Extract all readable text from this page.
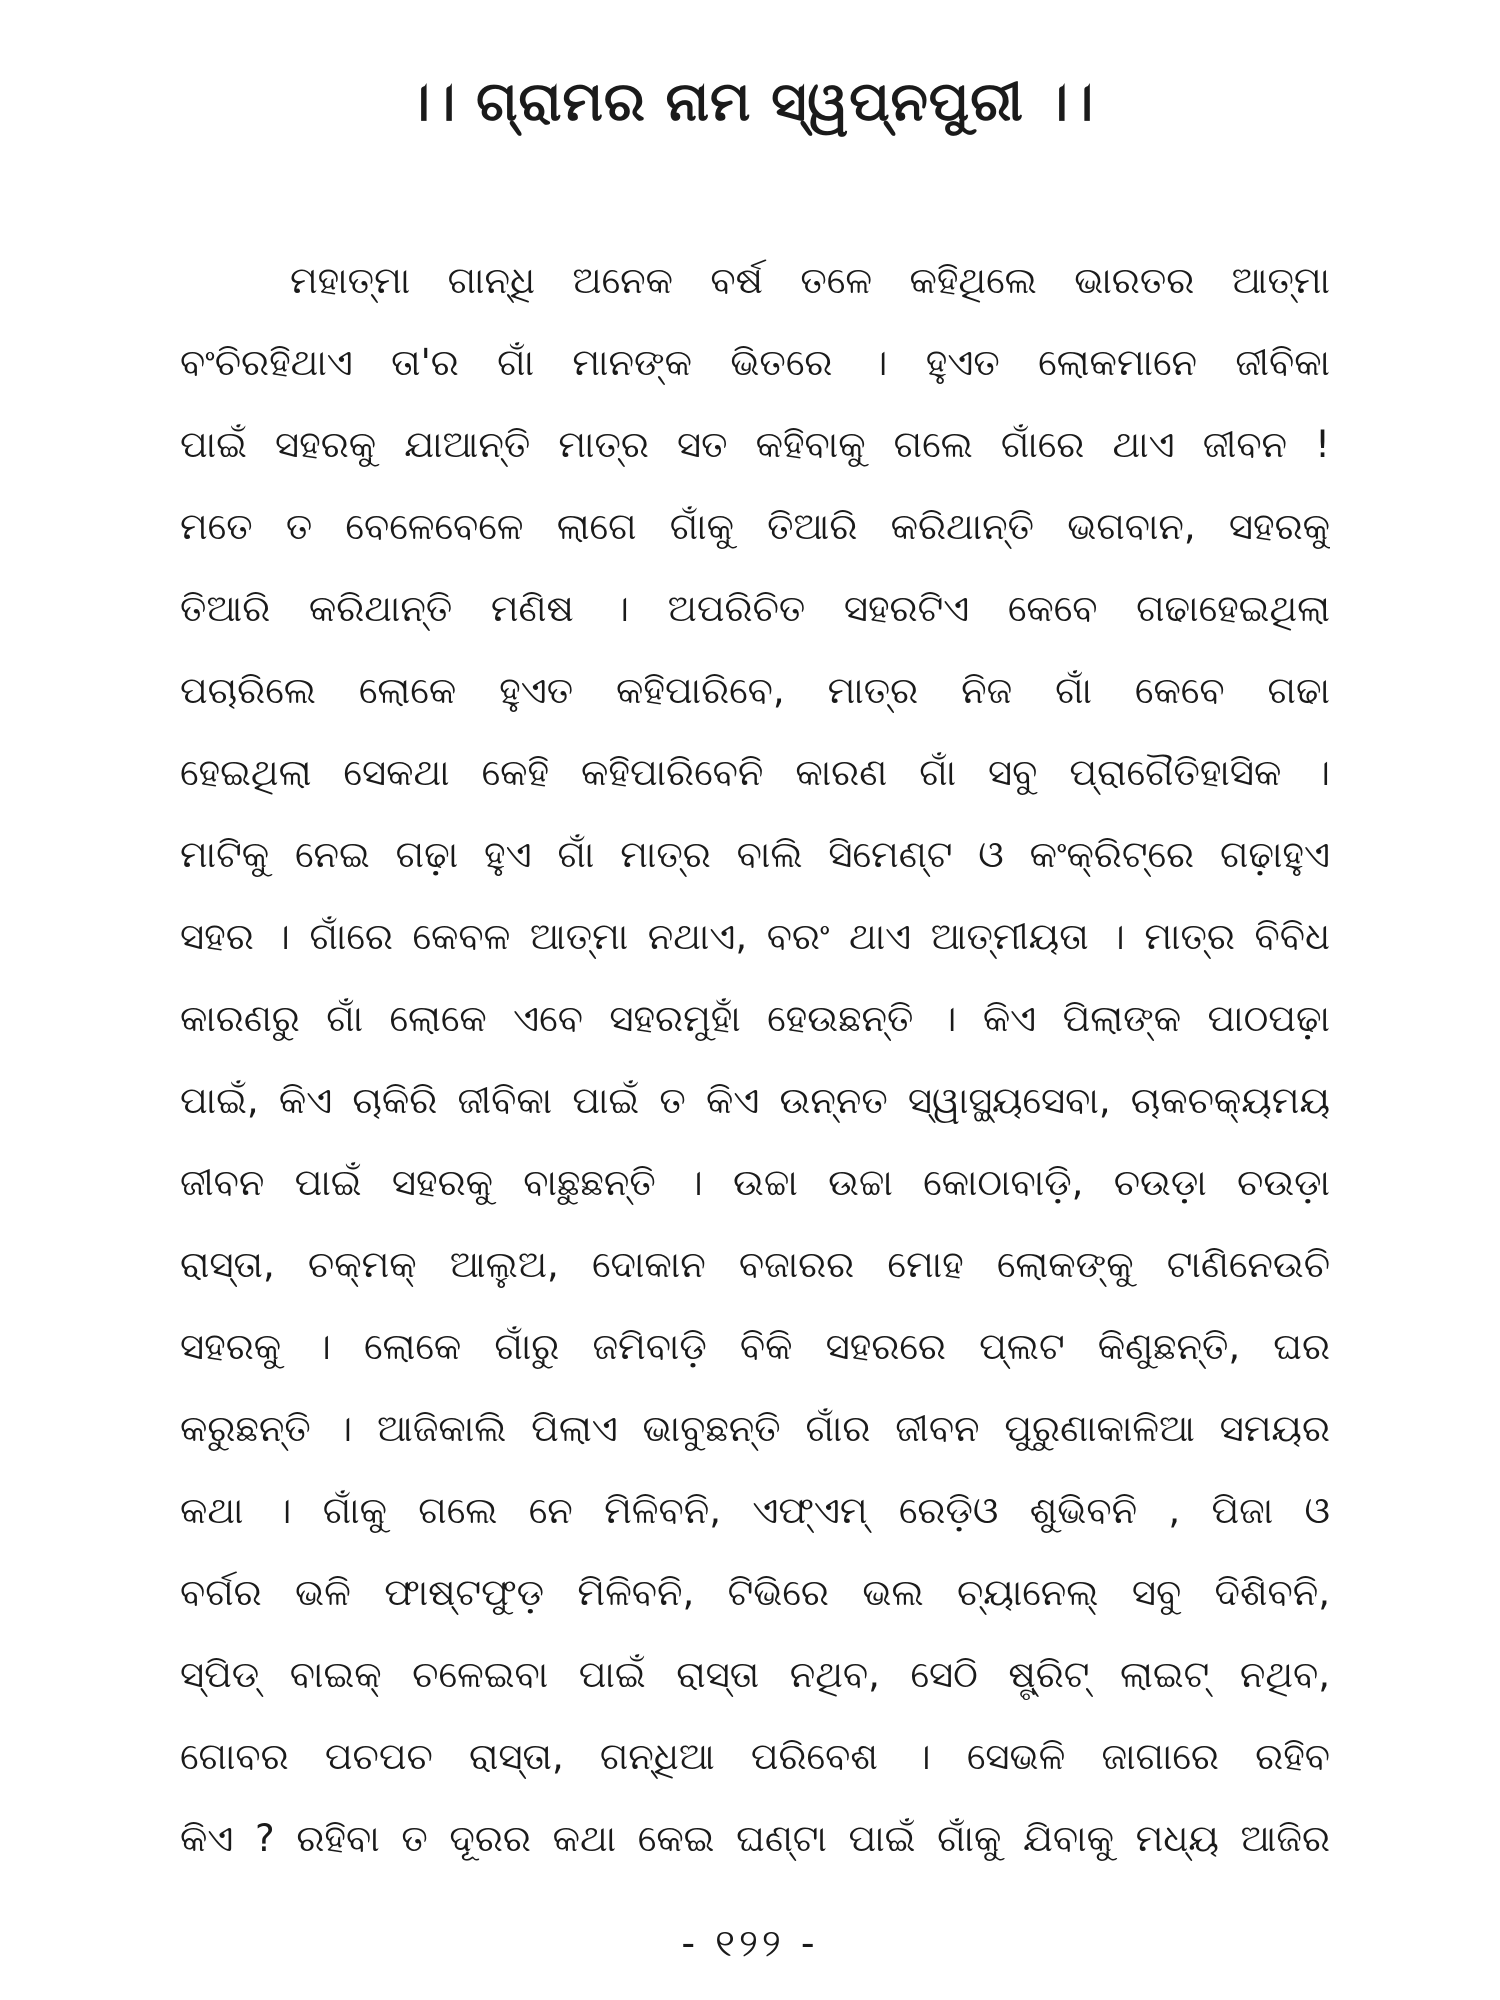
।। ଗ୍ରାମର ନାମ ସ୍ୱପ୍ନପୁରୀ ।।
ମହାତ୍ମା ଗାନ୍ଧି ଅନେକ ବର୍ଷ ତଳେ କହିଥିଲେ ଭାରତର ଆତ୍ମା
ବଂଚିରହିଥାଏ ତା'ର ଗାଁ ମାନଙ୍କ ଭିତରେ । ହୁଏତ ଲୋକମାନେ ଜୀବିକା
ପାଇଁ ସହରକୁ ଯାଆନ୍ତି ମାତ୍ର ସତ କହିବାକୁ ଗଲେ ଗାଁରେ ଥାଏ ଜୀବନ !
ମତେ ତ ବେଳେବେଳେ ଲାଗେ ଗାଁକୁ ତିଆରି କରିଥାନ୍ତି ଭଗବାନ, ସହରକୁ
ତିଆରି କରିଥାନ୍ତି ମଣିଷ । ଅପରିଚିତ ସହରଟିଏ କେବେ ଗଢାହେଇଥିଲା
ପଚାରିଲେ ଲୋକେ ହୁଏତ କହିପାରିବେ, ମାତ୍ର ନିଜ ଗାଁ କେବେ ଗଢା
ହେଇଥିଲା ସେକଥା କେହି କହିପାରିବେନି କାରଣ ଗାଁ ସବୁ ପ୍ରାଗୈତିହାସିକ ।
ମାଟିକୁ ନେଇ ଗଢ଼ା ହୁଏ ଗାଁ ମାତ୍ର ବାଲି ସିମେଣ୍ଟ ଓ କଂକ୍ରିଟ୍‌ରେ ଗଢ଼ାହୁଏ
ସହର । ଗାଁରେ କେବଳ ଆତ୍ମା ନଥାଏ, ବରଂ ଥାଏ ଆତ୍ମୀୟତା । ମାତ୍ର ବିବିଧ
କାରଣରୁ ଗାଁ ଲୋକେ ଏବେ ସହରମୁହାଁ ହେଉଛନ୍ତି । କିଏ ପିଲାଙ୍କ ପାଠପଢ଼ା
ପାଇଁ, କିଏ ଚାକିରି ଜୀବିକା ପାଇଁ ତ କିଏ ଉନ୍ନତ ସ୍ୱାସ୍ଥ୍ୟସେବା, ଚାକଚକ୍ୟମୟ
ଜୀବନ ପାଇଁ ସହରକୁ ବାଛୁଛନ୍ତି । ଉଚ୍ଚା ଉଚ୍ଚା କୋଠାବାଡ଼ି, ଚଉଡ଼ା ଚଉଡ଼ା
ରାସ୍ତା, ଚକ୍‌ମକ୍ ଆଲୁଅ, ଦୋକାନ ବଜାରର ମୋହ ଲୋକଙ୍କୁ ଟାଣିନେଉଚି
ସହରକୁ । ଲୋକେ ଗାଁରୁ ଜମିବାଡ଼ି ବିକି ସହରରେ ପ୍ଲଟ କିଣୁଛନ୍ତି, ଘର
କରୁଛନ୍ତି । ଆଜିକାଲି ପିଲାଏ ଭାବୁଛନ୍ତି ଗାଁର ଜୀବନ ପୁରୁଣାକାଳିଆ ସମୟର
କଥା । ଗାଁକୁ ଗଲେ ନେ ମିଳିବନି, ଏଫ୍‌ଏମ୍ ରେଡ଼ିଓ ଶୁଭିବନି , ପିଜା ଓ
ବର୍ଗର ଭଳି ଫାଷ୍ଟଫୁଡ଼ ମିଳିବନି, ଟିଭିରେ ଭଲ ଚ୍ୟାନେଲ୍ ସବୁ ଦିଶିବନି,
ସ୍ପିଡ୍ ବାଇକ୍ ଚଳେଇବା ପାଇଁ ରାସ୍ତା ନଥିବ, ସେଠି ଷ୍ଟ୍ରିଟ୍ ଲାଇଟ୍ ନଥିବ,
ଗୋବର ପଚପଚ ରାସ୍ତା, ଗନ୍ଧିଆ ପରିବେଶ । ସେଭଳି ଜାଗାରେ ରହିବ
କିଏ ? ରହିବା ତ ଦୂରର କଥା କେଇ ଘଣ୍ଟା ପାଇଁ ଗାଁକୁ ଯିବାକୁ ମଧ୍ୟ ଆଜିର
- ୧୨୨ -
